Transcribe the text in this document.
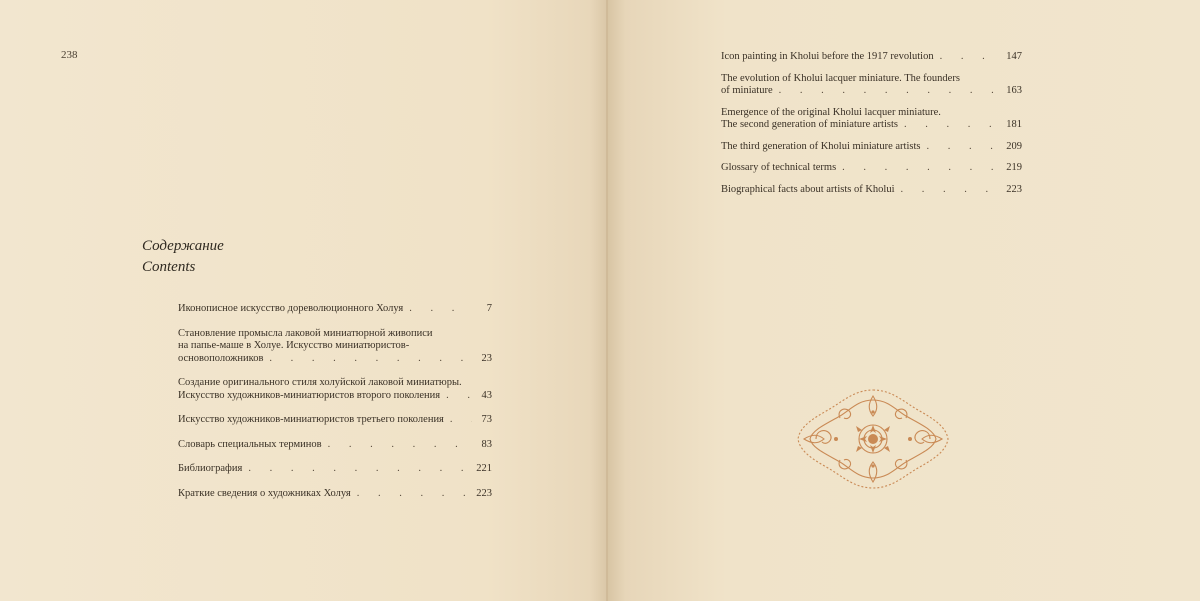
238
Содержание
Contents
Иконописное искусство дореволюционного Холуя . . .	7
Становление промысла лаковой миниатюрной живописи
на папье-маше в Холуе. Искусство миниатюристов-
основоположников . . .	23
Создание оригинального стиля холуйской лаковой миниатюры.
Искусство художников-миниатюристов второго поколения . . .	43
Искусство художников-миниатюристов третьего поколения . . .	73
Словарь специальных терминов . . .	83
Библиография . . .	221
Краткие сведения о художниках Холуя . . .	223
Icon painting in Kholui before the 1917 revolution . . .	147
The evolution of Kholui lacquer miniature. The founders
of miniature . . .	163
Emergence of the original Kholui lacquer miniature.
The second generation of miniature artists . . .	181
The third generation of Kholui miniature artists . . .	209
Glossary of technical terms . . .	219
Biographical facts about artists of Kholui . . .	223
